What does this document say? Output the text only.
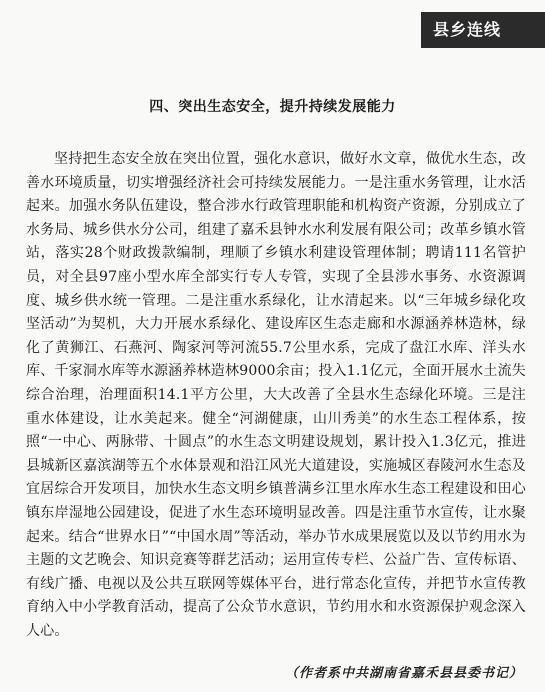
县乡连线
四、突出生态安全，提升持续发展能力

坚持把生态安全放在突出位置，强化水意识，做好水文章，做优水生态，改善水环境质量，切实增强经济社会可持续发展能力。一是注重水务管理，让水活起来。加强水务队伍建设，整合涉水行政管理职能和机构资产资源，分别成立了水务局、城乡供水分公司，组建了嘉禾县钟水水利发展有限公司；改革乡镇水管站，落实28个财政拨款编制，理顺了乡镇水利建设管理体制；聘请111名管护员，对全县97座小型水库全部实行专人专管，实现了全县涉水事务、水资源调度、城乡供水统一管理。二是注重水系绿化，让水清起来。以“三年城乡绿化攻坚活动”为契机，大力开展水系绿化、建设库区生态走廊和水源涵养林造林，绿化了黄狮江、石燕河、陶家河等河流55.7公里水系，完成了盘江水库、洋头水库、千家洞水库等水源涵养林造林9000余亩；投入1.1亿元，全面开展水土流失综合治理，治理面积14.1平方公里，大大改善了全县水生态绿化环境。三是注重水体建设，让水美起来。健全“河湖健康，山川秀美”的水生态工程体系，按照“一中心、两脉带、十圆点”的水生态文明建设规划，累计投入1.3亿元，推进县城新区嘉滨湖等五个水体景观和沿江风光大道建设，实施城区春陵河水生态及宜居综合开发项目，加快水生态文明乡镇普满乡江里水库水生态工程建设和田心镇东岸湿地公园建设，促进了水生态环境明显改善。四是注重节水宣传，让水聚起来。结合“世界水日”“中国水周”等活动，举办节水成果展览以及以节约用水为主题的文艺晚会、知识竞赛等群艺活动；运用宣传专栏、公益广告、宣传标语、有线广播、电视以及公共互联网等媒体平台，进行常态化宣传，并把节水宣传教育纳入中小学教育活动，提高了公众节水意识，节约用水和水资源保护观念深入人心。

（作者系中共湖南省嘉禾县县委书记）
